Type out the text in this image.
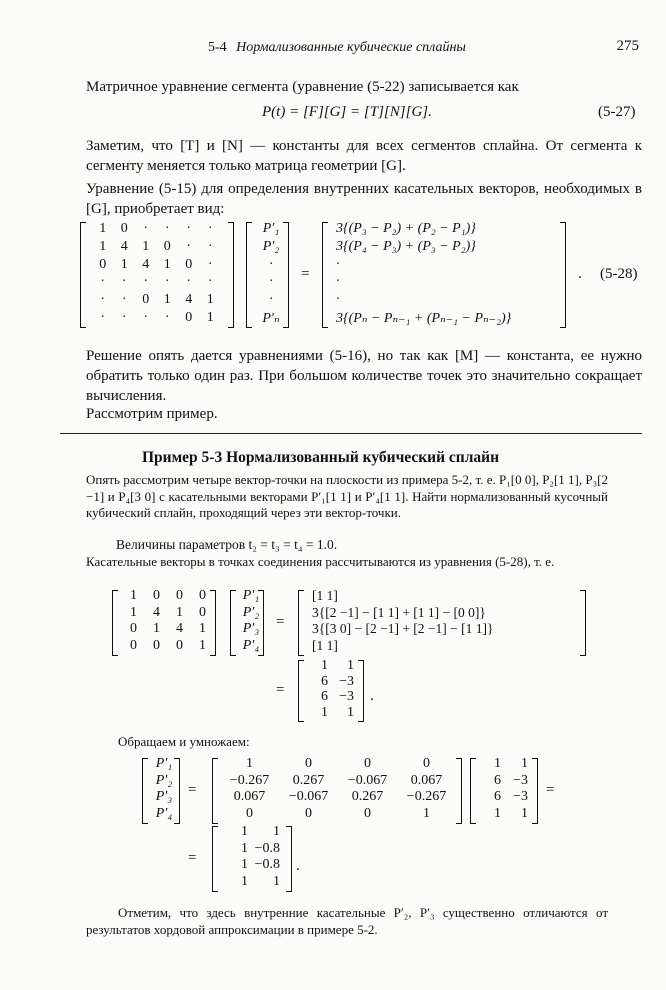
5-4 Нормализованные кубические сплайны	275
Матричное уравнение сегмента (уравнение (5-22) записывается как
P(t) = [F][G] = [T][N][G].	(5-27)
Заметим, что [T] и [N] — константы для всех сегментов сплайна. От сегмента к сегменту меняется только матрица геометрии [G].
Уравнение (5-15) для определения внутренних касательных векторов, необходимых в [G], приобретает вид:
1	0	·	·	·	·
1	4	1	0	·	·
0	1	4	1	0	·
·	·	·	·	·	·
·	·	0	1	4	1
·	·	·	·	0	1
P′₁
P′₂
·
·
·
P′ₙ
=
3{(P₃ − P₂) + (P₂ − P₁)}
3{(P₄ − P₃) + (P₃ − P₂)}
·
·
·
3{(Pₙ − Pₙ₋₁ + (Pₙ₋₁ − Pₙ₋₂)}
. (5-28)
Решение опять дается уравнениями (5-16), но так как [M] — константа, ее нужно обратить только один раз. При большом количестве точек это значительно сокращает вычисления.
Рассмотрим пример.
Пример 5-3 Нормализованный кубический сплайн
Опять рассмотрим четыре вектор-точки на плоскости из примера 5-2, т. е. P₁[0 0], P₂[1 1], P₃[2 −1] и P₄[3 0] с касательными векторами P′₁[1 1] и P′₄[1 1]. Найти нормализованный кусочный кубический сплайн, проходящий через эти вектор-точки.
Величины параметров t₂ = t₃ = t₄ = 1.0.
Касательные векторы в точках соединения рассчитываются из уравнения (5-28), т. е.
1	0	0	0
1	4	1	0
0	1	4	1
0	0	0	1
P′₁
P′₂
P′₃
P′₄
=
[1 1]
3{[2 −1] − [1 1] + [1 1] − [0 0]}
3{[3 0] − [2 −1] + [2 −1] − [1 1]}
[1 1]
=
1	1
6 −3
6 −3
1	1
.
Обращаем и умножаем:
P′₁
P′₂
P′₃
P′₄
=
1	0	0	0
−0.267	0.267	−0.067	0.067
0.067	−0.067	0.267	−0.267
0	0	0	1
1	1
6 −3
6 −3
1	1
=
=
1	1
1 −0.8
1 −0.8
1	1
.
Отметим, что здесь внутренние касательные P′₂, P′₃ существенно отличаются от результатов хордовой аппроксимации в примере 5-2.
